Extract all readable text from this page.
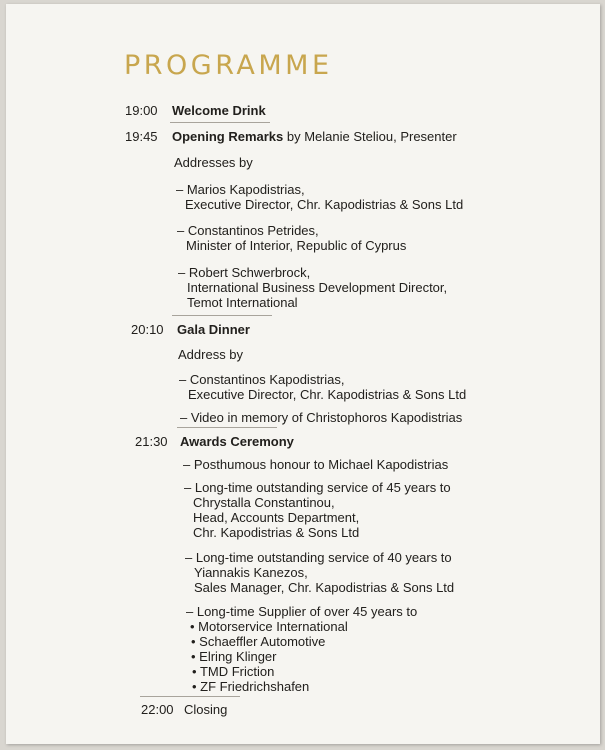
PROGRAMME
19:00 Welcome Drink
19:45 Opening Remarks by Melanie Steliou, Presenter
Addresses by
– Marios Kapodistrias,
Executive Director, Chr. Kapodistrias & Sons Ltd
– Constantinos Petrides,
Minister of Interior, Republic of Cyprus
– Robert Schwerbrock,
International Business Development Director,
Temot International
20:10 Gala Dinner
Address by
– Constantinos Kapodistrias,
Executive Director, Chr. Kapodistrias & Sons Ltd
– Video in memory of Christophoros Kapodistrias
21:30 Awards Ceremony
– Posthumous honour to Michael Kapodistrias
– Long-time outstanding service of 45 years to
Chrystalla Constantinou,
Head, Accounts Department,
Chr. Kapodistrias & Sons Ltd
– Long-time outstanding service of 40 years to
Yiannakis Kanezos,
Sales Manager, Chr. Kapodistrias & Sons Ltd
– Long-time Supplier of over 45 years to
• Motorservice International
• Schaeffler Automotive
• Elring Klinger
• TMD Friction
• ZF Friedrichshafen
22:00 Closing
